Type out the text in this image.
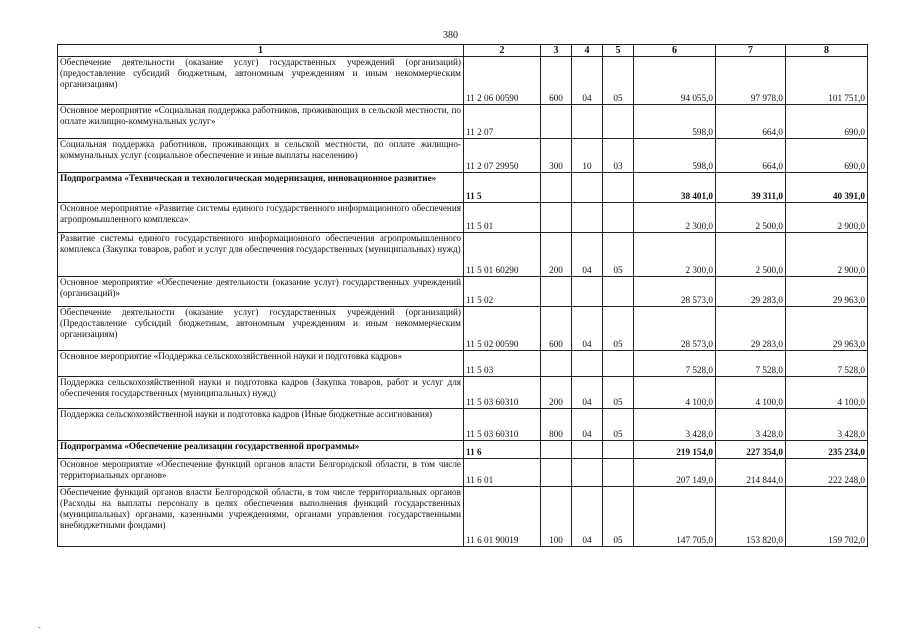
380
1	2	3	4	5	6	7	8
Обеспечение деятельности (оказание услуг) государственных учреждений (организаций) (предоставление субсидий бюджетным, автономным учреждениям и иным некоммерческим организациям)	11 2 06 00590	600	04	05	94 055,0	97 978,0	101 751,0
Основное мероприятие «Социальная поддержка работников, проживающих в сельской местности, по оплате жилищно-коммунальных услуг»	11 2 07				598,0	664,0	690,0
Социальная поддержка работников, проживающих в сельской местности, по оплате жилищно-коммунальных услуг (социальное обеспечение и иные выплаты населению)	11 2 07 29950	300	10	03	598,0	664,0	690,0
Подпрограмма «Техническая и технологическая модернизация, инновационное развитие»	11 5				38 401,0	39 311,0	40 391,0
Основное мероприятие «Развитие системы единого государственного информационного обеспечения агропромышленного комплекса»	11 5 01				2 300,0	2 500,0	2 900,0
Развитие системы единого государственного информационного обеспечения агропромышленного комплекса (Закупка товаров, работ и услуг для обеспечения государственных (муниципальных) нужд)	11 5 01 60290	200	04	05	2 300,0	2 500,0	2 900,0
Основное мероприятие «Обеспечение деятельности (оказание услуг) государственных учреждений (организаций)»	11 5 02				28 573,0	29 283,0	29 963,0
Обеспечение деятельности (оказание услуг) государственных учреждений (организаций) (Предоставление субсидий бюджетным, автономным учреждениям и иным некоммерческим организациям)	11 5 02 00590	600	04	05	28 573,0	29 283,0	29 963,0
Основное мероприятие «Поддержка сельскохозяйственной науки и подготовка кадров»	11 5 03				7 528,0	7 528,0	7 528,0
Поддержка сельскохозяйственной науки и подготовка кадров (Закупка товаров, работ и услуг для обеспечения государственных (муниципальных) нужд)	11 5 03 60310	200	04	05	4 100,0	4 100,0	4 100,0
Поддержка сельскохозяйственной науки и подготовка кадров (Иные бюджетные ассигнования)	11 5 03 60310	800	04	05	3 428,0	3 428,0	3 428,0
Подпрограмма «Обеспечение реализации государственной программы»	11 6				219 154,0	227 354,0	235 234,0
Основное мероприятие «Обеспечение функций органов власти Белгородской области, в том числе территориальных органов»	11 6 01				207 149,0	214 844,0	222 248,0
Обеспечение функций органов власти Белгородской области, в том числе территориальных органов (Расходы на выплаты персоналу в целях обеспечения выполнения функций государственных (муниципальных) органами, казенными учреждениями, органами управления государственными внебюджетными фондами)	11 6 01 90019	100	04	05	147 705,0	153 820,0	159 702,0
-
